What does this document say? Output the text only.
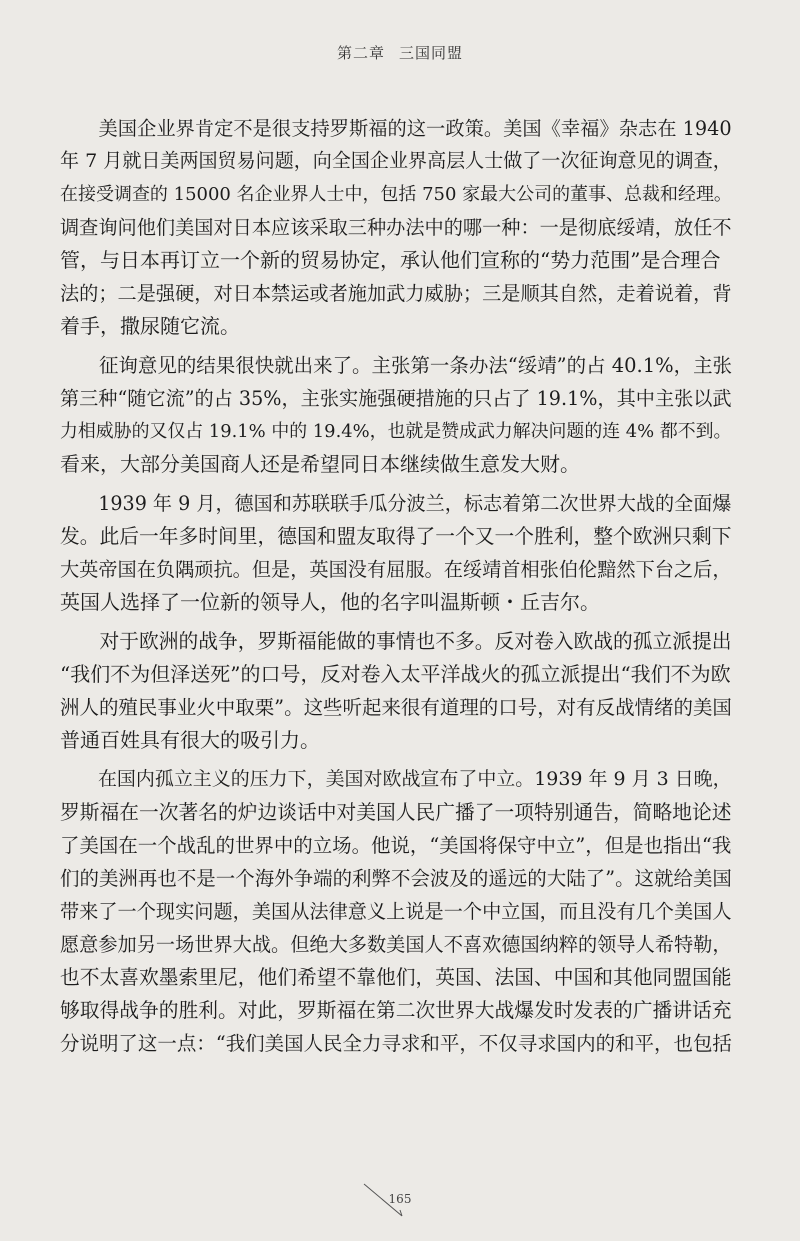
第二章 三国同盟
　　美国企业界肯定不是很支持罗斯福的这一政策。美国《幸福》杂志在 1940
年 7 月就日美两国贸易问题，向全国企业界高层人士做了一次征询意见的调查，
在接受调查的 15000 名企业界人士中，包括 750 家最大公司的董事、总裁和经理。
调查询问他们美国对日本应该采取三种办法中的哪一种：一是彻底绥靖，放任不
管，与日本再订立一个新的贸易协定，承认他们宣称的“势力范围”是合理合
法的；二是强硬，对日本禁运或者施加武力威胁；三是顺其自然，走着说着，背
着手，撒尿随它流。
　　征询意见的结果很快就出来了。主张第一条办法“绥靖”的占 40.1%，主张
第三种“随它流”的占 35%，主张实施强硬措施的只占了 19.1%，其中主张以武
力相威胁的又仅占 19.1% 中的 19.4%，也就是赞成武力解决问题的连 4% 都不到。
看来，大部分美国商人还是希望同日本继续做生意发大财。
　　1939 年 9 月，德国和苏联联手瓜分波兰，标志着第二次世界大战的全面爆
发。此后一年多时间里，德国和盟友取得了一个又一个胜利，整个欧洲只剩下
大英帝国在负隅顽抗。但是，英国没有屈服。在绥靖首相张伯伦黯然下台之后，
英国人选择了一位新的领导人，他的名字叫温斯顿・丘吉尔。
　　对于欧洲的战争，罗斯福能做的事情也不多。反对卷入欧战的孤立派提出
“我们不为但泽送死”的口号，反对卷入太平洋战火的孤立派提出“我们不为欧
洲人的殖民事业火中取栗”。这些听起来很有道理的口号，对有反战情绪的美国
普通百姓具有很大的吸引力。
　　在国内孤立主义的压力下，美国对欧战宣布了中立。1939 年 9 月 3 日晚，
罗斯福在一次著名的炉边谈话中对美国人民广播了一项特别通告，简略地论述
了美国在一个战乱的世界中的立场。他说，“美国将保守中立”，但是也指出“我
们的美洲再也不是一个海外争端的利弊不会波及的遥远的大陆了”。这就给美国
带来了一个现实问题，美国从法律意义上说是一个中立国，而且没有几个美国人
愿意参加另一场世界大战。但绝大多数美国人不喜欢德国纳粹的领导人希特勒，
也不太喜欢墨索里尼，他们希望不靠他们，英国、法国、中国和其他同盟国能
够取得战争的胜利。对此，罗斯福在第二次世界大战爆发时发表的广播讲话充
分说明了这一点：“我们美国人民全力寻求和平，不仅寻求国内的和平，也包括
165
